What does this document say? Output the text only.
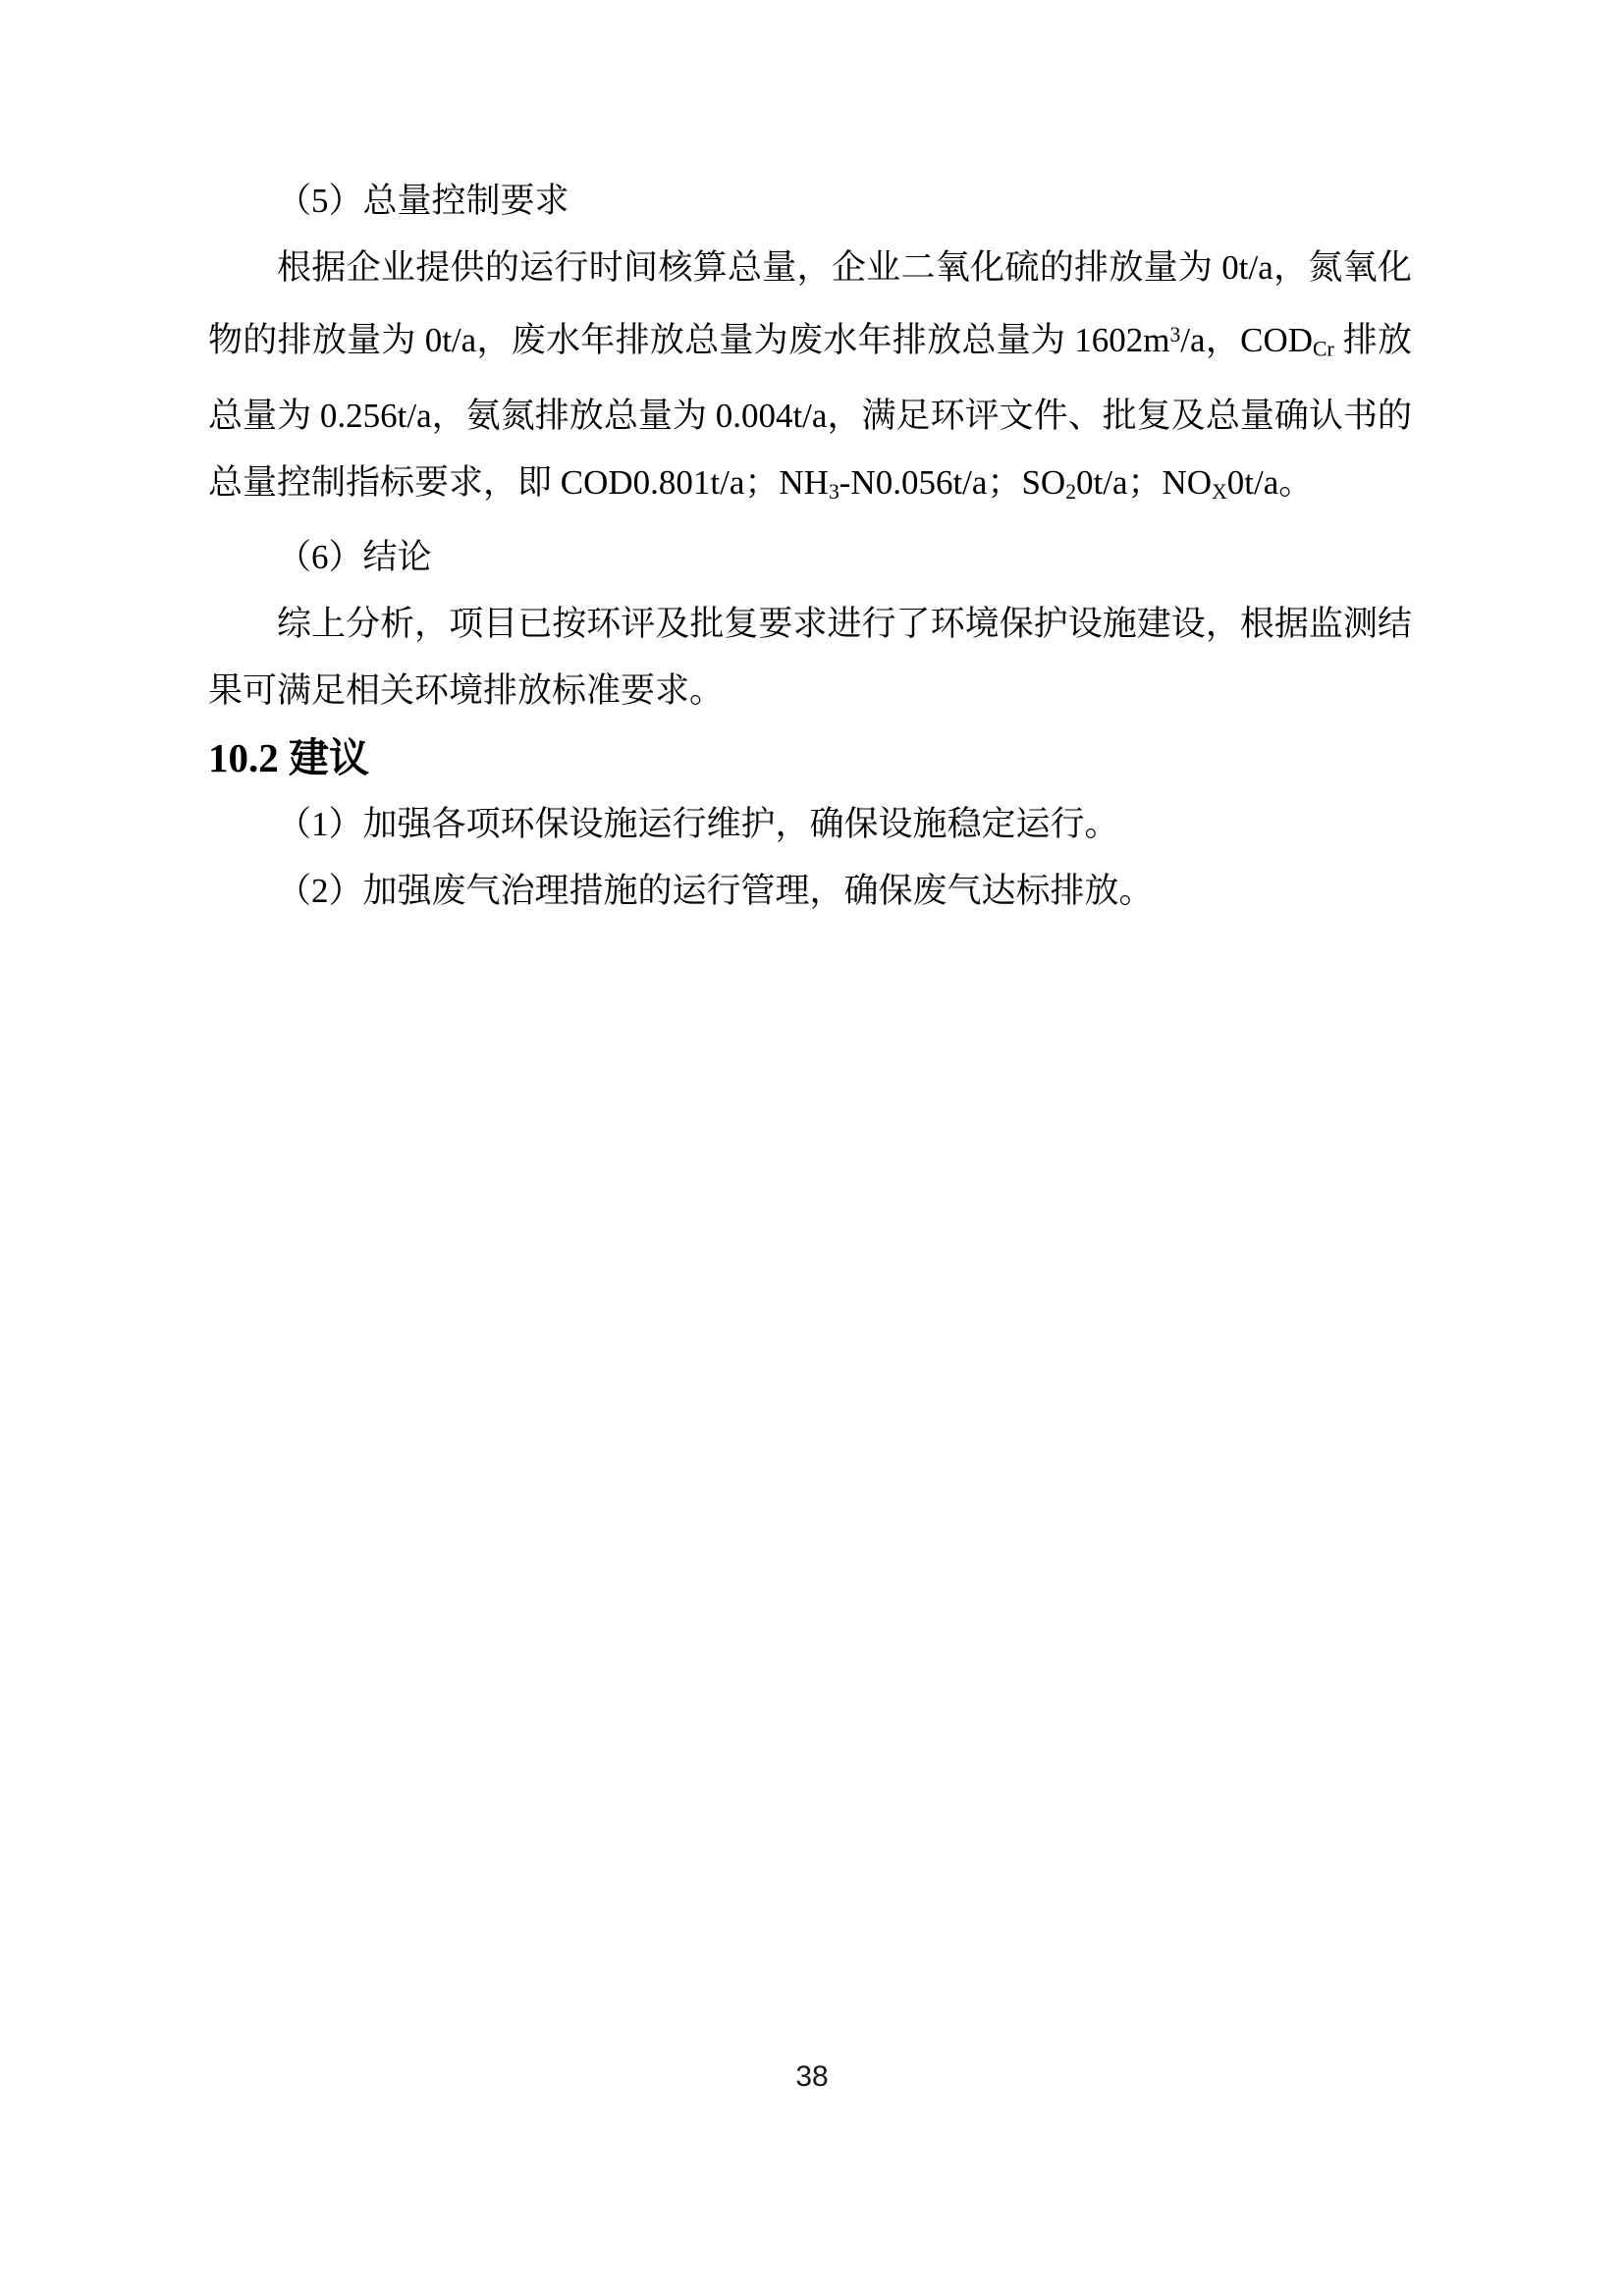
（5）总量控制要求

根据企业提供的运行时间核算总量，企业二氧化硫的排放量为 0t/a，氮氧化物的排放量为 0t/a，废水年排放总量为废水年排放总量为 $1602m^3/a$，$COD_{Cr}$ 排放总量为 0.256t/a，氨氮排放总量为 0.004t/a，满足环评文件、批复及总量确认书的总量控制指标要求，即 COD0.801t/a；$NH_3-N0.056t/a$；$SO_20t/a$；$NO_X0t/a$。

（6）结论

综上分析，项目已按环评及批复要求进行了环境保护设施建设，根据监测结果可满足相关环境排放标准要求。

10.2 建议

（1）加强各项环保设施运行维护，确保设施稳定运行。

（2）加强废气治理措施的运行管理，确保废气达标排放。

38
